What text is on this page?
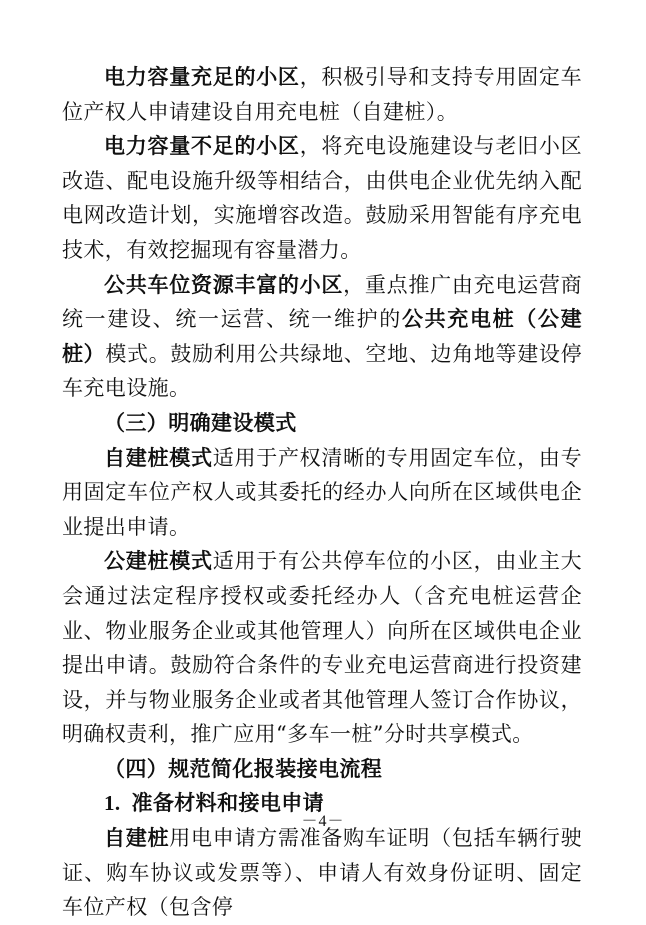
电力容量充足的小区，积极引导和支持专用固定车位产权人申请建设自用充电桩（自建桩）。

电力容量不足的小区，将充电设施建设与老旧小区改造、配电设施升级等相结合，由供电企业优先纳入配电网改造计划，实施增容改造。鼓励采用智能有序充电技术，有效挖掘现有容量潜力。

公共车位资源丰富的小区，重点推广由充电运营商统一建设、统一运营、统一维护的公共充电桩（公建桩）模式。鼓励利用公共绿地、空地、边角地等建设停车充电设施。

（三）明确建设模式

自建桩模式适用于产权清晰的专用固定车位，由专用固定车位产权人或其委托的经办人向所在区域供电企业提出申请。

公建桩模式适用于有公共停车位的小区，由业主大会通过法定程序授权或委托经办人（含充电桩运营企业、物业服务企业或其他管理人）向所在区域供电企业提出申请。鼓励符合条件的专业充电运营商进行投资建设，并与物业服务企业或者其他管理人签订合作协议，明确权责利，推广应用“多车一桩”分时共享模式。

（四）规范简化报装接电流程

1.  准备材料和接电申请

自建桩用电申请方需准备购车证明（包括车辆行驶证、购车协议或发票等）、申请人有效身份证明、固定车位产权（包含停

－4－
